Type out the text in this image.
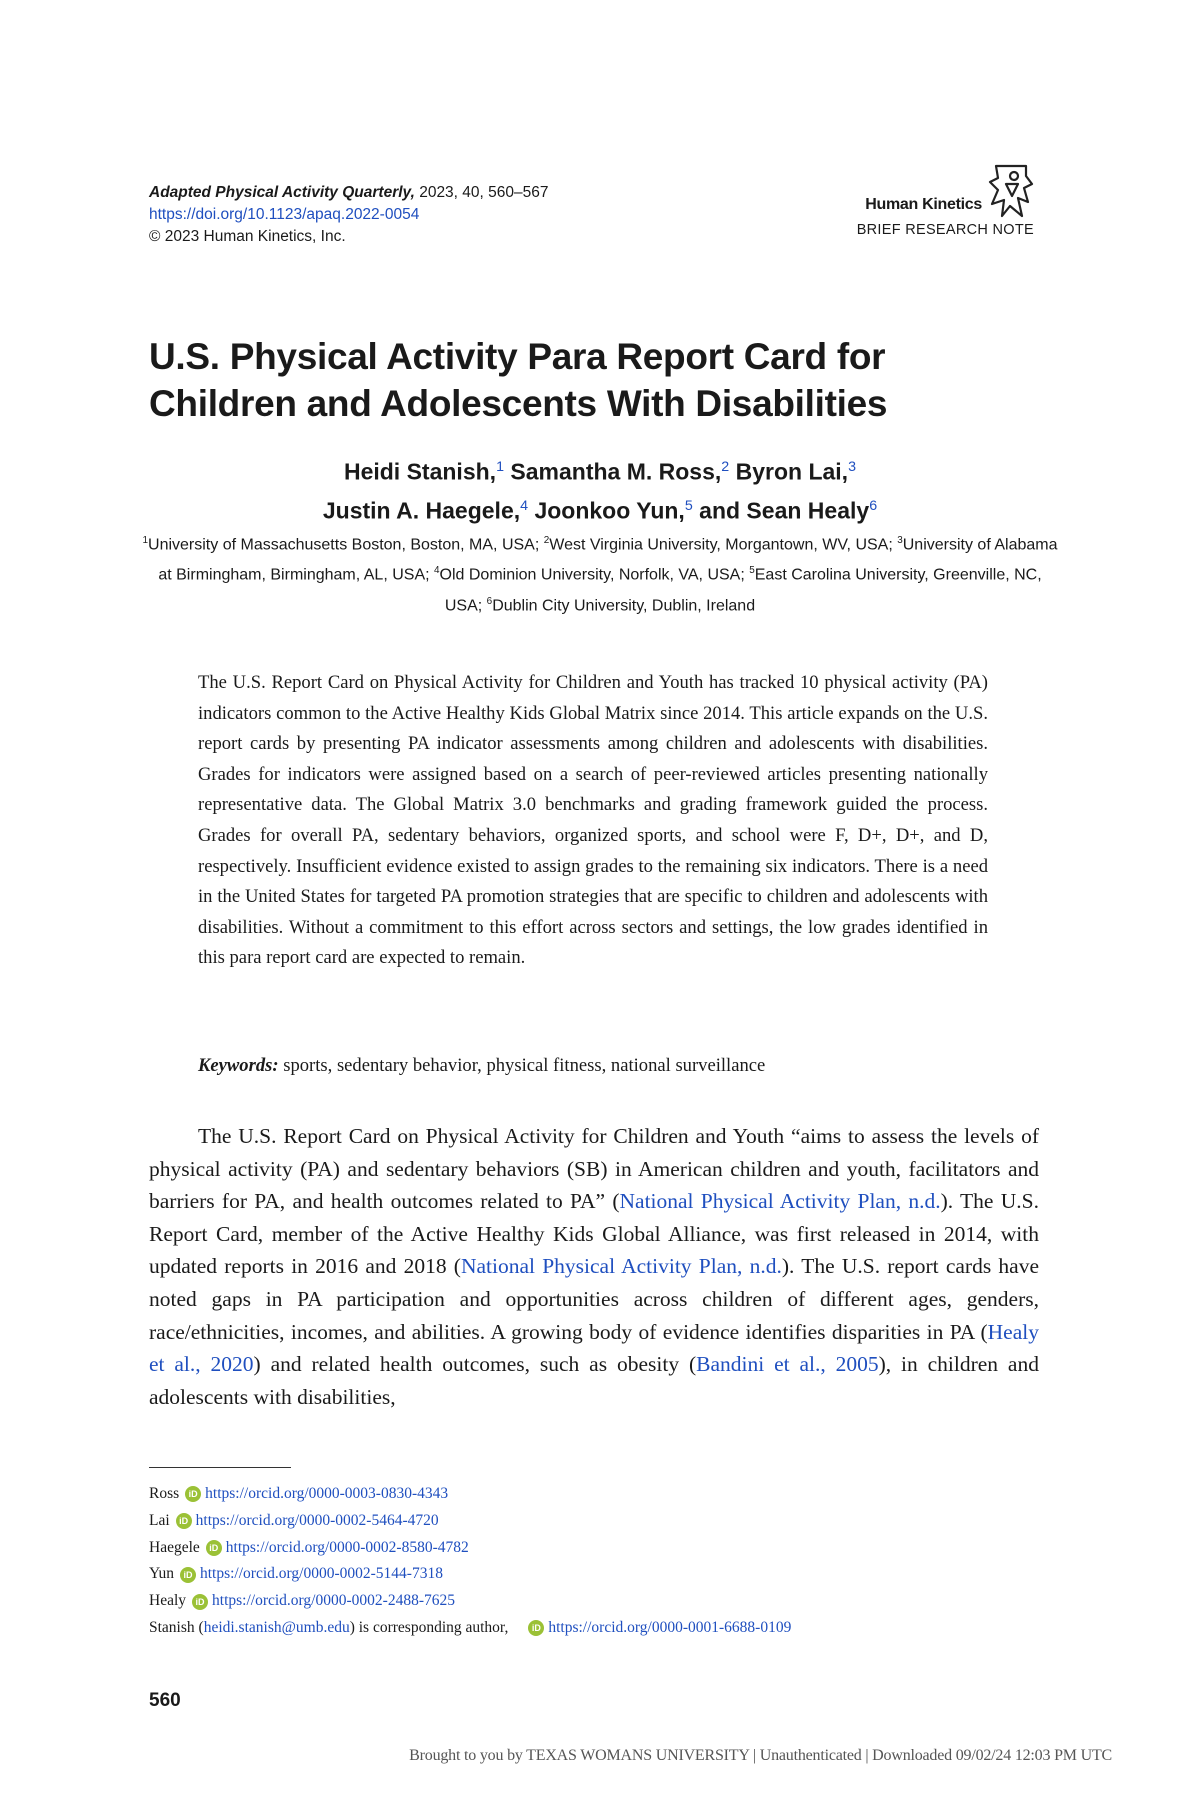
Adapted Physical Activity Quarterly, 2023, 40, 560–567
https://doi.org/10.1123/apaq.2022-0054
© 2023 Human Kinetics, Inc.
Human Kinetics
BRIEF RESEARCH NOTE
U.S. Physical Activity Para Report Card for
Children and Adolescents With Disabilities
Heidi Stanish,$^1$ Samantha M. Ross,$^2$ Byron Lai,$^3$
Justin A. Haegele,$^4$ Joonkoo Yun,$^5$ and Sean Healy$^6$
$^1$University of Massachusetts Boston, Boston, MA, USA; $^2$West Virginia University, Morgantown, WV, USA; $^3$University of Alabama at Birmingham, Birmingham, AL, USA; $^4$Old Dominion University, Norfolk, VA, USA; $^5$East Carolina University, Greenville, NC, USA; $^6$Dublin City University, Dublin, Ireland
The U.S. Report Card on Physical Activity for Children and Youth has tracked 10 physical activity (PA) indicators common to the Active Healthy Kids Global Matrix since 2014. This article expands on the U.S. report cards by presenting PA indicator assessments among children and adolescents with disabilities. Grades for indicators were assigned based on a search of peer-reviewed articles presenting nationally representative data. The Global Matrix 3.0 benchmarks and grading framework guided the process. Grades for overall PA, sedentary behaviors, organized sports, and school were F, D+, D+, and D, respectively. Insufficient evidence existed to assign grades to the remaining six indicators. There is a need in the United States for targeted PA promotion strategies that are specific to children and adolescents with disabilities. Without a commitment to this effort across sectors and settings, the low grades identified in this para report card are expected to remain.
Keywords: sports, sedentary behavior, physical fitness, national surveillance
The U.S. Report Card on Physical Activity for Children and Youth “aims to assess the levels of physical activity (PA) and sedentary behaviors (SB) in American children and youth, facilitators and barriers for PA, and health outcomes related to PA” (National Physical Activity Plan, n.d.). The U.S. Report Card, member of the Active Healthy Kids Global Alliance, was first released in 2014, with updated reports in 2016 and 2018 (National Physical Activity Plan, n.d.). The U.S. report cards have noted gaps in PA participation and opportunities across children of different ages, genders, race/ethnicities, incomes, and abilities. A growing body of evidence identifies disparities in PA (Healy et al., 2020) and related health outcomes, such as obesity (Bandini et al., 2005), in children and adolescents with disabilities,
Ross	iD https://orcid.org/0000-0003-0830-4343
Lai	iD https://orcid.org/0000-0002-5464-4720
Haegele	iD https://orcid.org/0000-0002-8580-4782
Yun	iD https://orcid.org/0000-0002-5144-7318
Healy	iD https://orcid.org/0000-0002-2488-7625
Stanish ( heidi.stanish@umb.edu ) is corresponding author,	iD https://orcid.org/0000-0001-6688-0109
560
Brought to you by TEXAS WOMANS UNIVERSITY | Unauthenticated | Downloaded 09/02/24 12:03 PM UTC
